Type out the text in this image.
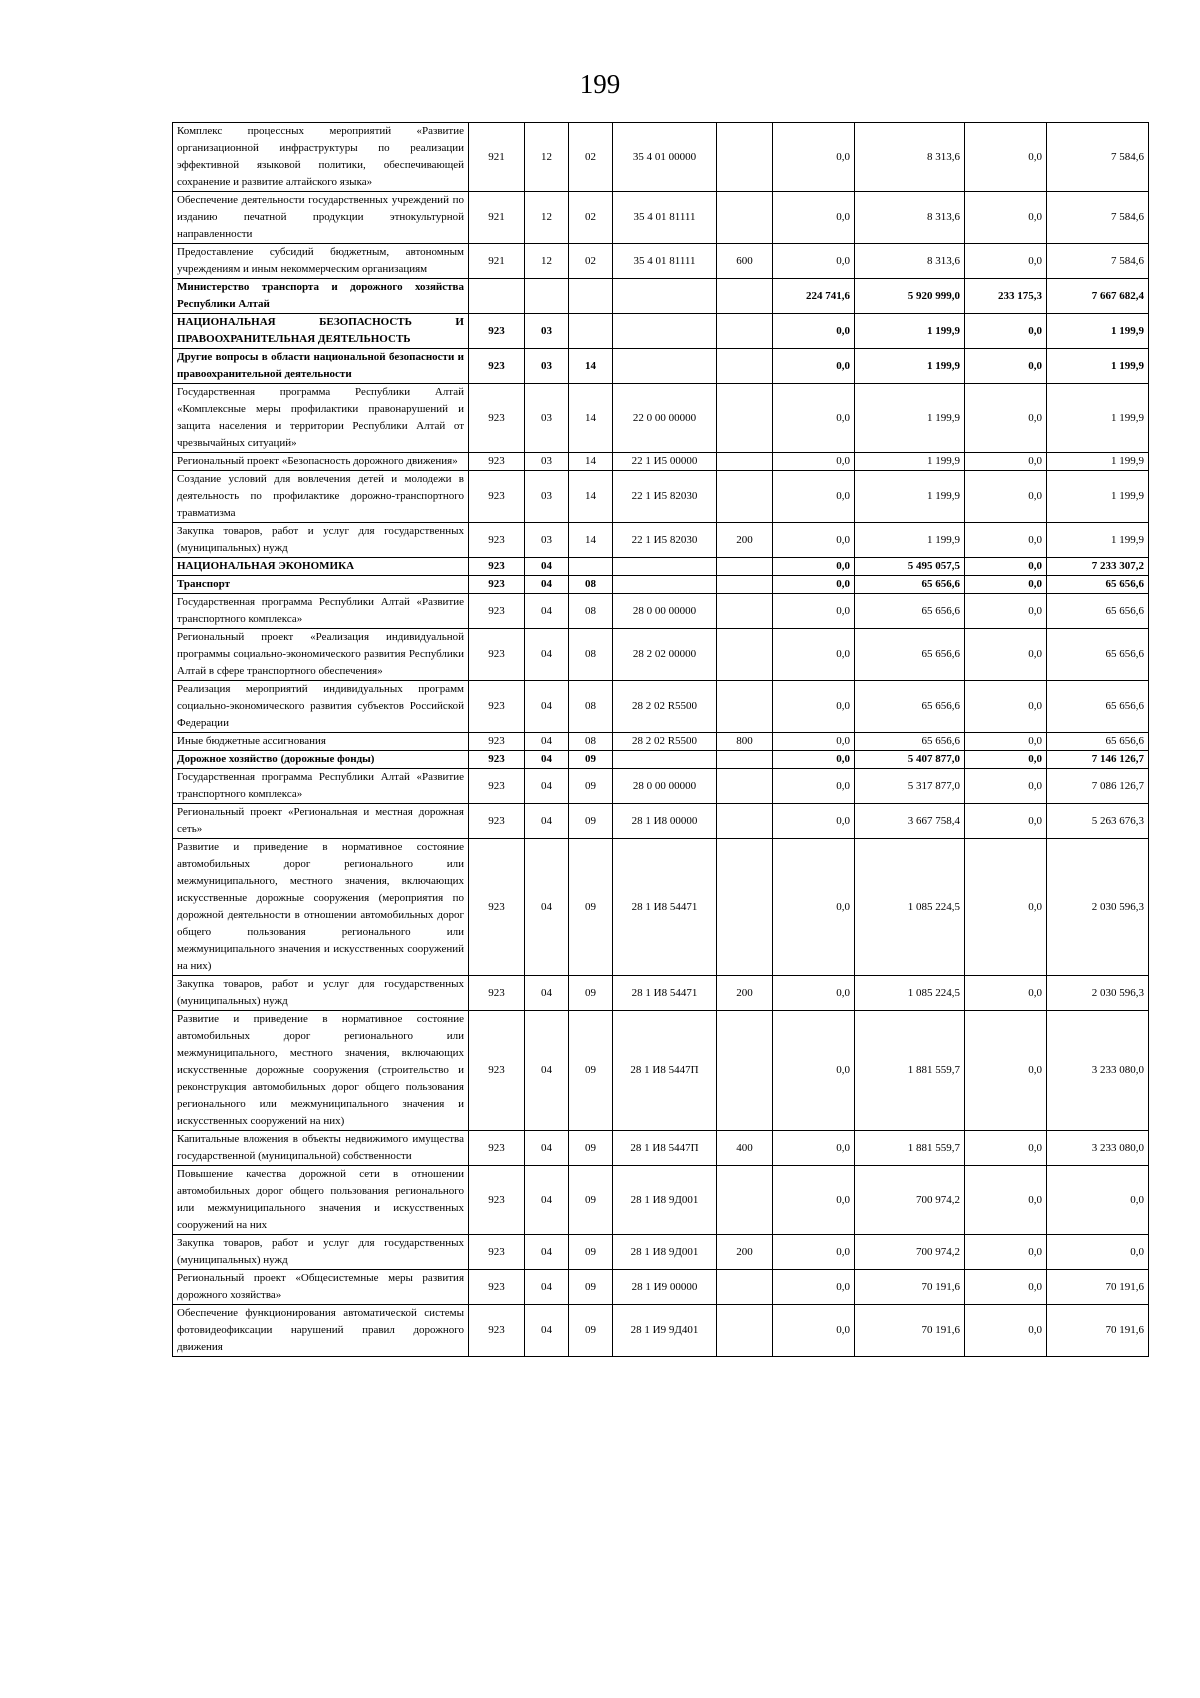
199
Комплекс процессных мероприятий «Развитие организационной инфраструктуры по реализации эффективной языковой политики, обеспечивающей сохранение и развитие алтайского языка»	921	12	02	35 4 01 00000		0,0	8 313,6	0,0	7 584,6
Обеспечение деятельности государственных учреждений по изданию печатной продукции этнокультурной направленности	921	12	02	35 4 01 81111		0,0	8 313,6	0,0	7 584,6
Предоставление субсидий бюджетным, автономным учреждениям и иным некоммерческим организациям	921	12	02	35 4 01 81111	600	0,0	8 313,6	0,0	7 584,6
Министерство транспорта и дорожного хозяйства Республики Алтай						224 741,6	5 920 999,0	233 175,3	7 667 682,4
НАЦИОНАЛЬНАЯ БЕЗОПАСНОСТЬ И ПРАВООХРАНИТЕЛЬНАЯ ДЕЯТЕЛЬНОСТЬ	923	03				0,0	1 199,9	0,0	1 199,9
Другие вопросы в области национальной безопасности и правоохранительной деятельности	923	03	14			0,0	1 199,9	0,0	1 199,9
Государственная программа Республики Алтай «Комплексные меры профилактики правонарушений и защита населения и территории Республики Алтай от чрезвычайных ситуаций»	923	03	14	22 0 00 00000		0,0	1 199,9	0,0	1 199,9
Региональный проект «Безопасность дорожного движения»	923	03	14	22 1 И5 00000		0,0	1 199,9	0,0	1 199,9
Создание условий для вовлечения детей и молодежи в деятельность по профилактике дорожно-транспортного травматизма	923	03	14	22 1 И5 82030		0,0	1 199,9	0,0	1 199,9
Закупка товаров, работ и услуг для государственных (муниципальных) нужд	923	03	14	22 1 И5 82030	200	0,0	1 199,9	0,0	1 199,9
НАЦИОНАЛЬНАЯ ЭКОНОМИКА	923	04				0,0	5 495 057,5	0,0	7 233 307,2
Транспорт	923	04	08			0,0	65 656,6	0,0	65 656,6
Государственная программа Республики Алтай «Развитие транспортного комплекса»	923	04	08	28 0 00 00000		0,0	65 656,6	0,0	65 656,6
Региональный проект «Реализация индивидуальной программы социально-экономического развития Республики Алтай в сфере транспортного обеспечения»	923	04	08	28 2 02 00000		0,0	65 656,6	0,0	65 656,6
Реализация мероприятий индивидуальных программ социально-экономического развития субъектов Российской Федерации	923	04	08	28 2 02 R5500		0,0	65 656,6	0,0	65 656,6
Иные бюджетные ассигнования	923	04	08	28 2 02 R5500	800	0,0	65 656,6	0,0	65 656,6
Дорожное хозяйство (дорожные фонды)	923	04	09			0,0	5 407 877,0	0,0	7 146 126,7
Государственная программа Республики Алтай «Развитие транспортного комплекса»	923	04	09	28 0 00 00000		0,0	5 317 877,0	0,0	7 086 126,7
Региональный проект «Региональная и местная дорожная сеть»	923	04	09	28 1 И8 00000		0,0	3 667 758,4	0,0	5 263 676,3
Развитие и приведение в нормативное состояние автомобильных дорог регионального или межмуниципального, местного значения, включающих искусственные дорожные сооружения (мероприятия по дорожной деятельности в отношении автомобильных дорог общего пользования регионального или межмуниципального значения и искусственных сооружений на них)	923	04	09	28 1 И8 54471		0,0	1 085 224,5	0,0	2 030 596,3
Закупка товаров, работ и услуг для государственных (муниципальных) нужд	923	04	09	28 1 И8 54471	200	0,0	1 085 224,5	0,0	2 030 596,3
Развитие и приведение в нормативное состояние автомобильных дорог регионального или межмуниципального, местного значения, включающих искусственные дорожные сооружения (строительство и реконструкция автомобильных дорог общего пользования регионального или межмуниципального значения и искусственных сооружений на них)	923	04	09	28 1 И8 5447П		0,0	1 881 559,7	0,0	3 233 080,0
Капитальные вложения в объекты недвижимого имущества государственной (муниципальной) собственности	923	04	09	28 1 И8 5447П	400	0,0	1 881 559,7	0,0	3 233 080,0
Повышение качества дорожной сети в отношении автомобильных дорог общего пользования регионального или межмуниципального значения и искусственных сооружений на них	923	04	09	28 1 И8 9Д001		0,0	700 974,2	0,0	0,0
Закупка товаров, работ и услуг для государственных (муниципальных) нужд	923	04	09	28 1 И8 9Д001	200	0,0	700 974,2	0,0	0,0
Региональный проект «Общесистемные меры развития дорожного хозяйства»	923	04	09	28 1 И9 00000		0,0	70 191,6	0,0	70 191,6
Обеспечение функционирования автоматической системы фотовидеофиксации нарушений правил дорожного движения	923	04	09	28 1 И9 9Д401		0,0	70 191,6	0,0	70 191,6
